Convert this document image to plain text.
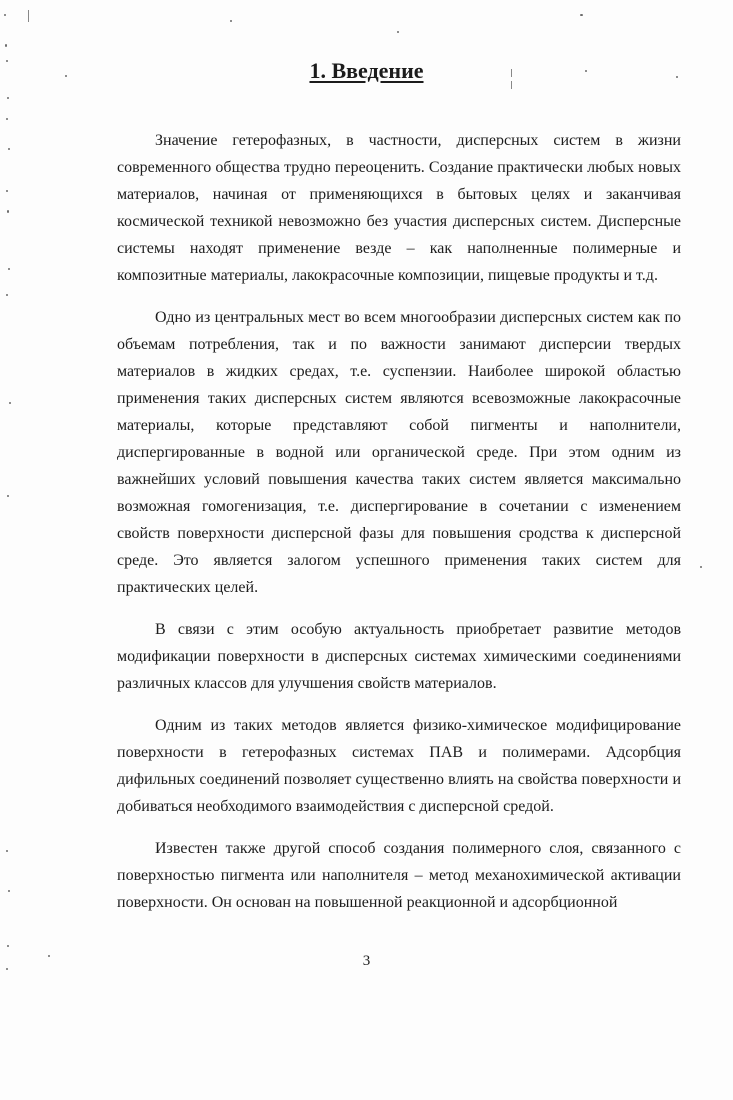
1. Введение

Значение гетерофазных, в частности, дисперсных систем в жизни современного общества трудно переоценить. Создание практически любых новых материалов, начиная от применяющихся в бытовых целях и заканчивая космической техникой невозможно без участия дисперсных систем. Дисперсные системы находят применение везде – как наполненные полимерные и композитные материалы, лакокрасочные композиции, пищевые продукты и т.д.

Одно из центральных мест во всем многообразии дисперсных систем как по объемам потребления, так и по важности занимают дисперсии твердых материалов в жидких средах, т.е. суспензии. Наиболее широкой областью применения таких дисперсных систем являются всевозможные лакокрасочные материалы, которые представляют собой пигменты и наполнители, диспергированные в водной или органической среде. При этом одним из важнейших условий повышения качества таких систем является максимально возможная гомогенизация, т.е. диспергирование в сочетании с изменением свойств поверхности дисперсной фазы для повышения сродства к дисперсной среде. Это является залогом успешного применения таких систем для практических целей.

В связи с этим особую актуальность приобретает развитие методов модификации поверхности в дисперсных системах химическими соединениями различных классов для улучшения свойств материалов.

Одним из таких методов является физико-химическое модифицирование поверхности в гетерофазных системах ПАВ и полимерами. Адсорбция дифильных соединений позволяет существенно влиять на свойства поверхности и добиваться необходимого взаимодействия с дисперсной средой.

Известен также другой способ создания полимерного слоя, связанного с поверхностью пигмента или наполнителя – метод механохимической активации поверхности. Он основан на повышенной реакционной и адсорбционной

3
